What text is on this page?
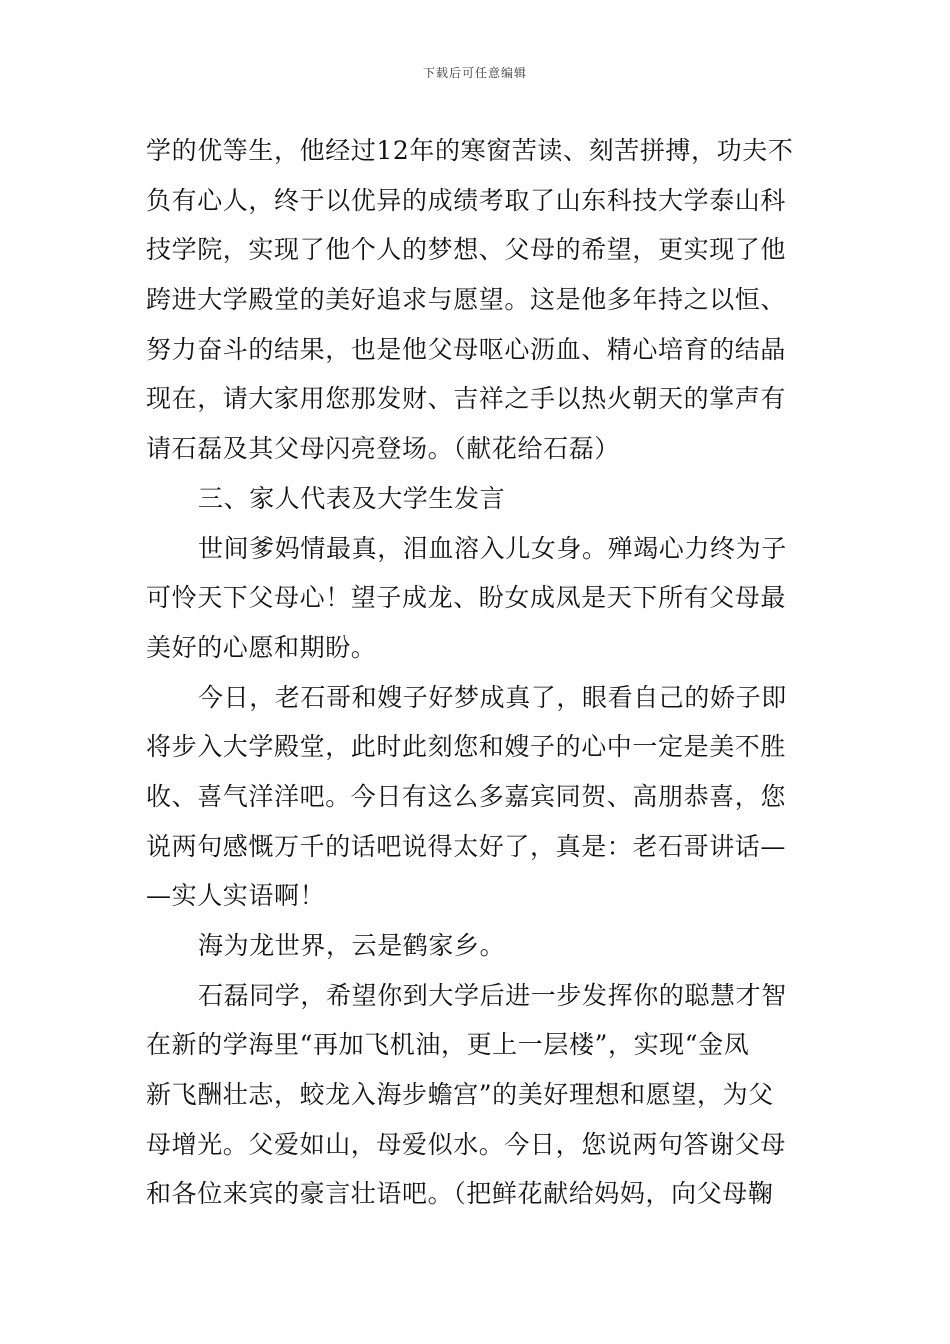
下载后可任意编辑
学的优等生，他经过12年的寒窗苦读、刻苦拼搏，功夫不
负有心人，终于以优异的成绩考取了山东科技大学泰山科
技学院，实现了他个人的梦想、父母的希望，更实现了他
跨进大学殿堂的美好追求与愿望。这是他多年持之以恒、
努力奋斗的结果，也是他父母呕心沥血、精心培育的结晶
现在，请大家用您那发财、吉祥之手以热火朝天的掌声有
请石磊及其父母闪亮登场。（献花给石磊）
三、家人代表及大学生发言
世间爹妈情最真，泪血溶入儿女身。殚竭心力终为子
可怜天下父母心！望子成龙、盼女成凤是天下所有父母最
美好的心愿和期盼。
今日，老石哥和嫂子好梦成真了，眼看自己的娇子即
将步入大学殿堂，此时此刻您和嫂子的心中一定是美不胜
收、喜气洋洋吧。今日有这么多嘉宾同贺、高朋恭喜，您
说两句感慨万千的话吧说得太好了，真是：老石哥讲话—
—实人实语啊！
海为龙世界，云是鹤家乡。
石磊同学，希望你到大学后进一步发挥你的聪慧才智
在新的学海里“再加飞机油，更上一层楼”，实现“金凤
新飞酬壮志，蛟龙入海步蟾宫”的美好理想和愿望，为父
母增光。父爱如山，母爱似水。今日，您说两句答谢父母
和各位来宾的豪言壮语吧。（把鲜花献给妈妈，向父母鞠
